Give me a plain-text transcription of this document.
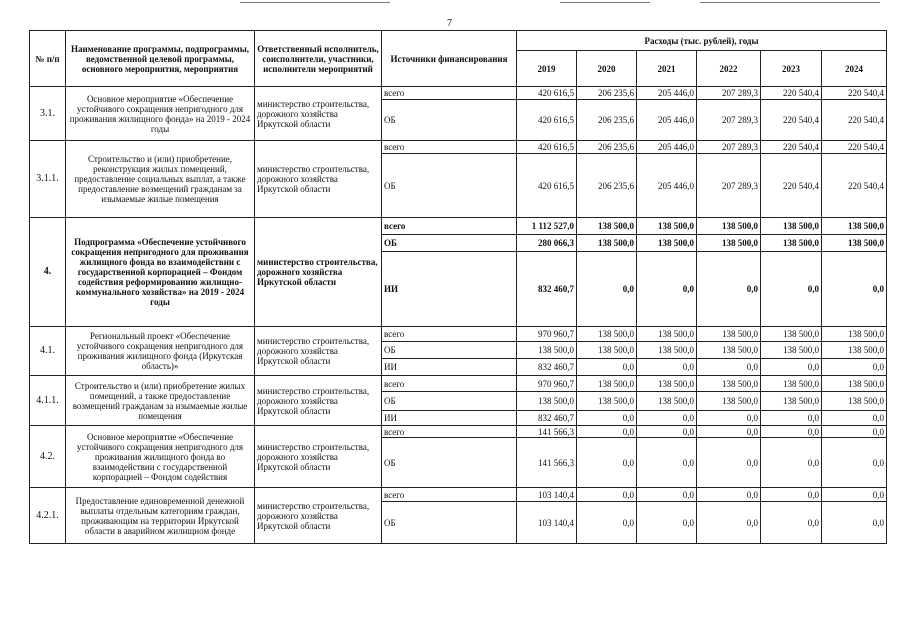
7
№ п/п	Наименование программы, подпрограммы, ведомственной целевой программы, основного мероприятия, мероприятия	Ответственный исполнитель, соисполнители, участники, исполнители мероприятий	Источники финансирования	Расходы (тыс. рублей), годы					
				2019	2020	2021	2022	2023	2024
3.1.	Основное мероприятие «Обеспечение устойчивого сокращения непригодного для проживания жилищного фонда» на 2019 - 2024 годы	министерство строительства, дорожного хозяйства Иркутской области	всего	420 616,5	206 235,6	205 446,0	207 289,3	220 540,4	220 540,4
			ОБ	420 616,5	206 235,6	205 446,0	207 289,3	220 540,4	220 540,4
3.1.1.	Строительство и (или) приобретение, реконструкция жилых помещений, предоставление социальных выплат, а также предоставление возмещений гражданам за изымаемые жилые помещения	министерство строительства, дорожного хозяйства Иркутской области	всего	420 616,5	206 235,6	205 446,0	207 289,3	220 540,4	220 540,4
			ОБ	420 616,5	206 235,6	205 446,0	207 289,3	220 540,4	220 540,4
4.	Подпрограмма «Обеспечение устойчивого сокращения непригодного для проживания жилищного фонда во взаимодействии с государственной корпорацией – Фондом содействия реформированию жилищно-коммунального хозяйства» на 2019 - 2024 годы	министерство строительства, дорожного хозяйства Иркутской области	всего	1 112 527,0	138 500,0	138 500,0	138 500,0	138 500,0	138 500,0
			ОБ	280 066,3	138 500,0	138 500,0	138 500,0	138 500,0	138 500,0
			ИИ	832 460,7	0,0	0,0	0,0	0,0	0,0
4.1.	Региональный проект «Обеспечение устойчивого сокращения непригодного для проживания жилищного фонда (Иркутская область)»	министерство строительства, дорожного хозяйства Иркутской области	всего	970 960,7	138 500,0	138 500,0	138 500,0	138 500,0	138 500,0
			ОБ	138 500,0	138 500,0	138 500,0	138 500,0	138 500,0	138 500,0
			ИИ	832 460,7	0,0	0,0	0,0	0,0	0,0
4.1.1.	Строительство и (или) приобретение жилых помещений, а также предоставление возмещений гражданам за изымаемые жилые помещения	министерство строительства, дорожного хозяйства Иркутской области	всего	970 960,7	138 500,0	138 500,0	138 500,0	138 500,0	138 500,0
			ОБ	138 500,0	138 500,0	138 500,0	138 500,0	138 500,0	138 500,0
			ИИ	832 460,7	0,0	0,0	0,0	0,0	0,0
4.2.	Основное мероприятие «Обеспечение устойчивого сокращения непригодного для проживания жилищного фонда во взаимодействии с государственной корпорацией – Фондом содействия	министерство строительства, дорожного хозяйства Иркутской области	всего	141 566,3	0,0	0,0	0,0	0,0	0,0
			ОБ	141 566,3	0,0	0,0	0,0	0,0	0,0
4.2.1.	Предоставление единовременной денежной выплаты отдельным категориям граждан, проживающим на территории Иркутской области в аварийном жилищном фонде	министерство строительства, дорожного хозяйства Иркутской области	всего	103 140,4	0,0	0,0	0,0	0,0	0,0
			ОБ	103 140,4	0,0	0,0	0,0	0,0	0,0
